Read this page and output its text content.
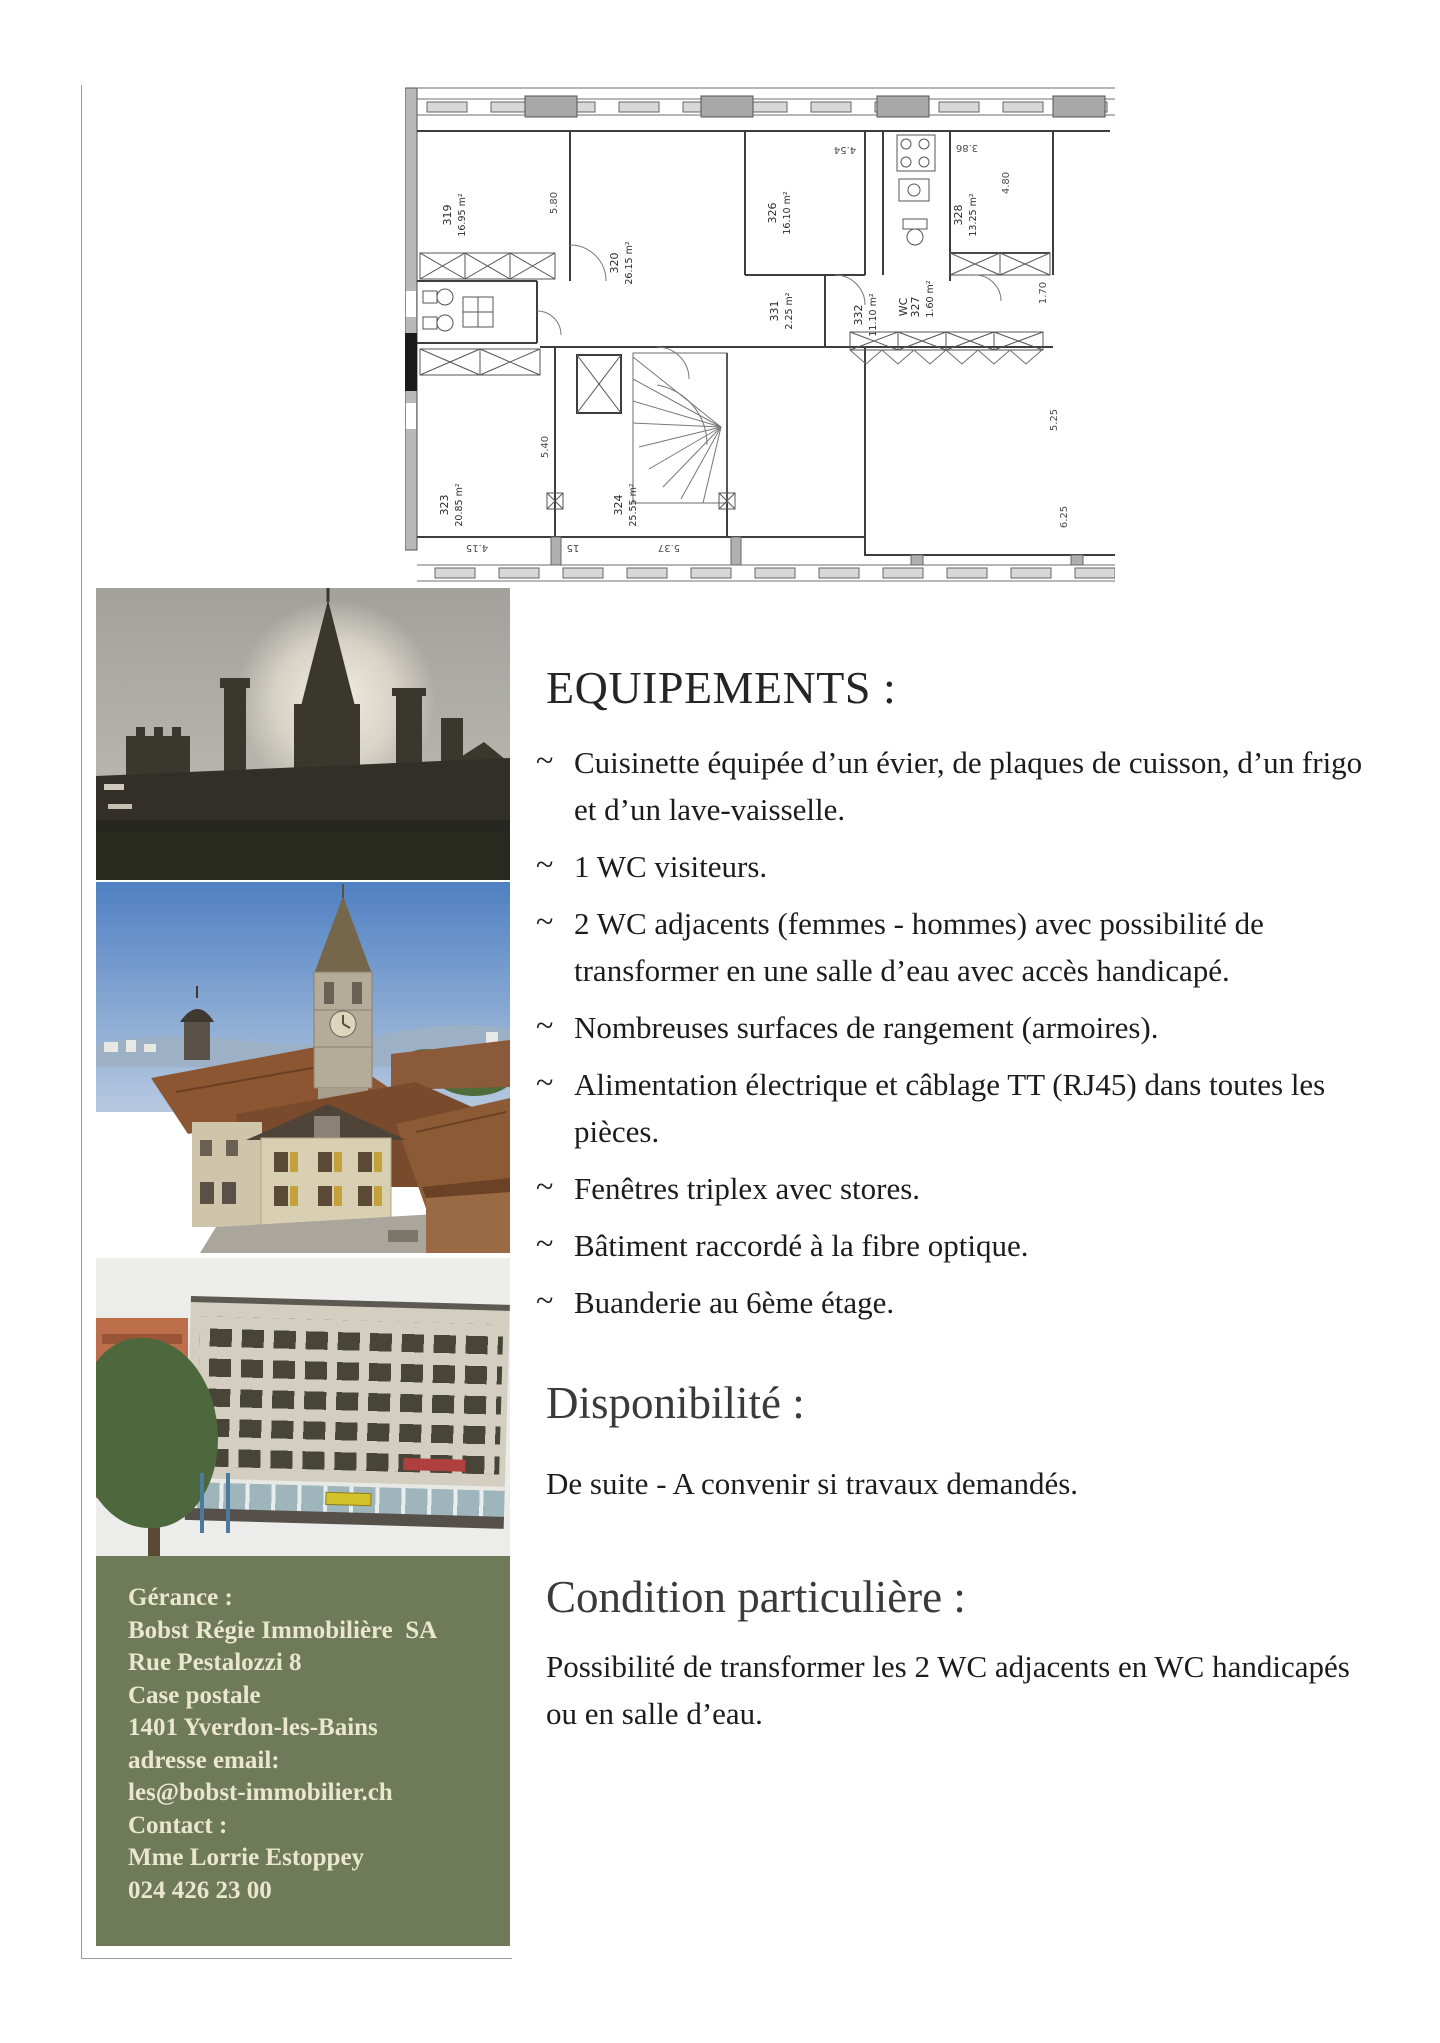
319 16.95 m²
320 26.15 m²
326 16.10 m²	328 13.25 m²
WC 327 1.60 m²
332 11.10 m²
331 2.25 m²
323 20.85 m²	324 25.55 m²
5.80
5.40
4.80
1.70
5.25
6.25
4.54	3.86
4.15	15	5.37
Gérance :
Bobst Régie Immobilière  SA
Rue Pestalozzi 8
Case postale
1401 Yverdon-les-Bains
adresse email:
les@bobst-immobilier.ch
Contact :
Mme Lorrie Estoppey
024 426 23 00
EQUIPEMENTS :
~ Cuisinette équipée d’un évier, de plaques de cuisson, d’un frigo et d’un lave-vaisselle.
~ 1 WC visiteurs.
~ 2 WC adjacents (femmes - hommes) avec possibilité de transformer en une salle d’eau avec accès handicapé.
~ Nombreuses surfaces de rangement (armoires).
~ Alimentation électrique et câblage TT (RJ45) dans toutes les pièces.
~ Fenêtres triplex avec stores.
~ Bâtiment raccordé à la fibre optique.
~ Buanderie au 6ème étage.
Disponibilité :

De suite - A convenir si travaux demandés.

Condition particulière :

Possibilité de transformer les 2 WC adjacents en WC handicapés ou en salle d’eau.
